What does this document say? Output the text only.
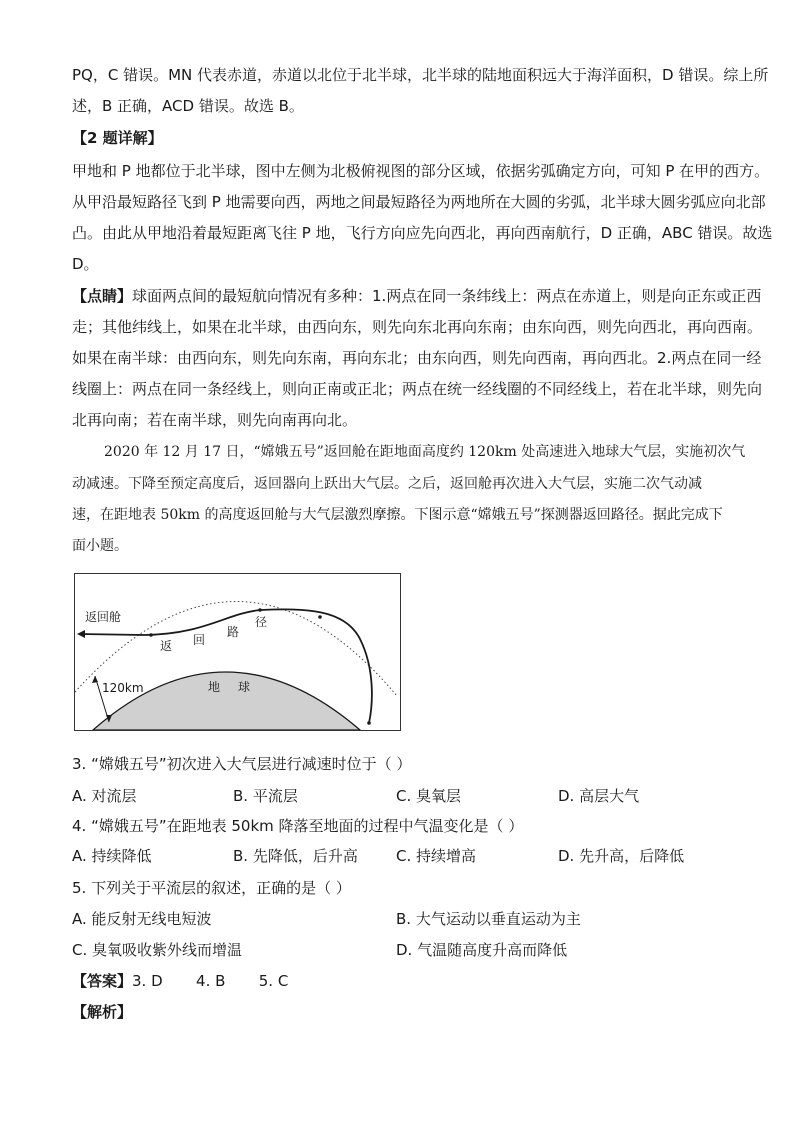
PQ，C 错误。MN 代表赤道，赤道以北位于北半球，北半球的陆地面积远大于海洋面积，D 错误。综上所
述，B 正确，ACD 错误。故选 B。
【2 题详解】
甲地和 P 地都位于北半球，图中左侧为北极俯视图的部分区域，依据劣弧确定方向，可知 P 在甲的西方。
从甲沿最短路径飞到 P 地需要向西，两地之间最短路径为两地所在大圆的劣弧，北半球大圆劣弧应向北部
凸。由此从甲地沿着最短距离飞往 P 地，飞行方向应先向西北，再向西南航行，D 正确，ABC 错误。故选
D。
【点睛】球面两点间的最短航向情况有多种：1.两点在同一条纬线上：两点在赤道上，则是向正东或正西
走；其他纬线上，如果在北半球，由西向东，则先向东北再向东南；由东向西，则先向西北，再向西南。
如果在南半球：由西向东，则先向东南，再向东北；由东向西，则先向西南，再向西北。2.两点在同一经
线圈上：两点在同一条经线上，则向正南或正北；两点在统一经线圈的不同经线上，若在北半球，则先向
北再向南；若在南半球，则先向南再向北。
2020 年 12 月 17 日，“嫦娥五号”返回舱在距地面高度约 120km 处高速进入地球大气层，实施初次气
动减速。下降至预定高度后，返回器向上跃出大气层。之后，返回舱再次进入大气层，实施二次气动减
速，在距地表 50km 的高度返回舱与大气层激烈摩擦。下图示意“嫦娥五号”探测器返回路径。据此完成下
面小题。
返回舱
返 回
路
径
120km	地 球
3. “嫦娥五号”初次进入大气层进行减速时位于（ ）
A. 对流层	B. 平流层	C. 臭氧层	D. 高层大气
4. “嫦娥五号”在距地表 50km 降落至地面的过程中气温变化是（ ）
A. 持续降低	B. 先降低，后升高	C. 持续增高	D. 先升高，后降低
5. 下列关于平流层的叙述，正确的是（ ）
A. 能反射无线电短波	B. 大气运动以垂直运动为主
C. 臭氧吸收紫外线而增温	D. 气温随高度升高而降低
【答案】3. D       4. B       5. C
【解析】
